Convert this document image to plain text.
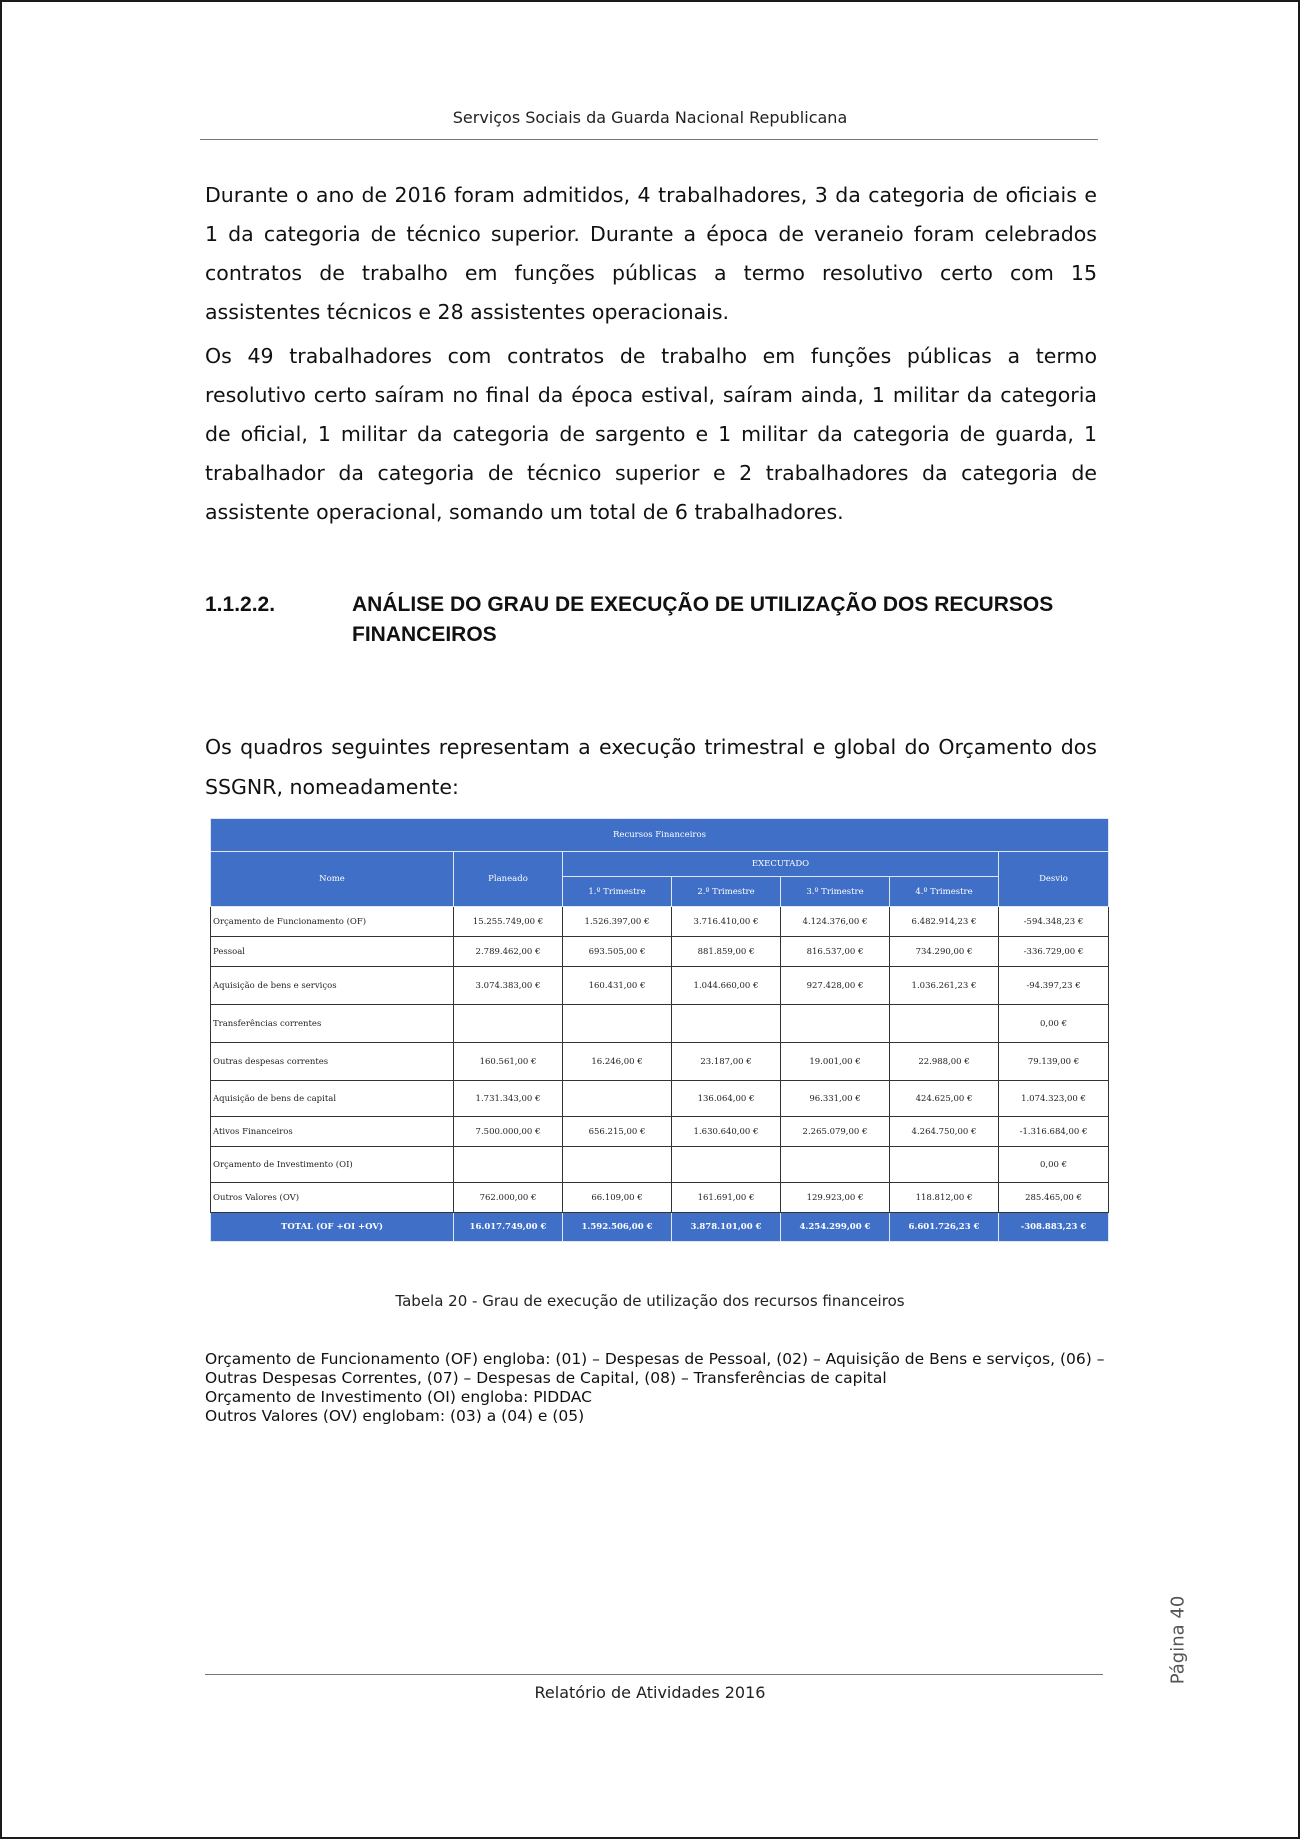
Serviços Sociais da Guarda Nacional Republicana
Durante o ano de 2016 foram admitidos, 4 trabalhadores, 3 da categoria de oficiais e 1 da categoria de técnico superior. Durante a época de veraneio foram celebrados contratos de trabalho em funções públicas a termo resolutivo certo com 15 assistentes técnicos e 28 assistentes operacionais.
Os 49 trabalhadores com contratos de trabalho em funções públicas a termo resolutivo certo saíram no final da época estival, saíram ainda, 1 militar da categoria de oficial, 1 militar da categoria de sargento e 1 militar da categoria de guarda, 1 trabalhador da categoria de técnico superior e 2 trabalhadores da categoria de assistente operacional, somando um total de 6 trabalhadores.
1.1.2.2.	ANÁLISE DO GRAU DE EXECUÇÃO DE UTILIZAÇÃO DOS RECURSOS
FINANCEIROS
Os quadros seguintes representam a execução trimestral e global do Orçamento dos SSGNR, nomeadamente:
Recursos Financeiros						
Nome	Planeado	EXECUTADO				Desvio
		1.º Trimestre	2.º Trimestre	3.º Trimestre	4.º Trimestre	
Orçamento de Funcionamento (OF)	15.255.749,00 €	1.526.397,00 €	3.716.410,00 €	4.124.376,00 €	6.482.914,23 €	-594.348,23 €
Pessoal	2.789.462,00 €	693.505,00 €	881.859,00 €	816.537,00 €	734.290,00 €	-336.729,00 €
Aquisição de bens e serviços	3.074.383,00 €	160.431,00 €	1.044.660,00 €	927.428,00 €	1.036.261,23 €	-94.397,23 €
Transferências correntes						0,00 €
Outras despesas correntes	160.561,00 €	16.246,00 €	23.187,00 €	19.001,00 €	22.988,00 €	79.139,00 €
Aquisição de bens de capital	1.731.343,00 €		136.064,00 €	96.331,00 €	424.625,00 €	1.074.323,00 €
Ativos Financeiros	7.500.000,00 €	656.215,00 €	1.630.640,00 €	2.265.079,00 €	4.264.750,00 €	-1.316.684,00 €
Orçamento de Investimento (OI)						0,00 €
Outros Valores (OV)	762.000,00 €	66.109,00 €	161.691,00 €	129.923,00 €	118.812,00 €	285.465,00 €
TOTAL (OF +OI +OV)	16.017.749,00 €	1.592.506,00 €	3.878.101,00 €	4.254.299,00 €	6.601.726,23 €	-308.883,23 €
Tabela 20 - Grau de execução de utilização dos recursos financeiros
Orçamento de Funcionamento (OF) engloba: (01) – Despesas de Pessoal, (02) – Aquisição de Bens e serviços, (06) –
Outras Despesas Correntes, (07) – Despesas de Capital, (08) – Transferências de capital
Orçamento de Investimento (OI) engloba: PIDDAC
Outros Valores (OV) englobam: (03) a (04) e (05)
Página 40
Relatório de Atividades 2016
